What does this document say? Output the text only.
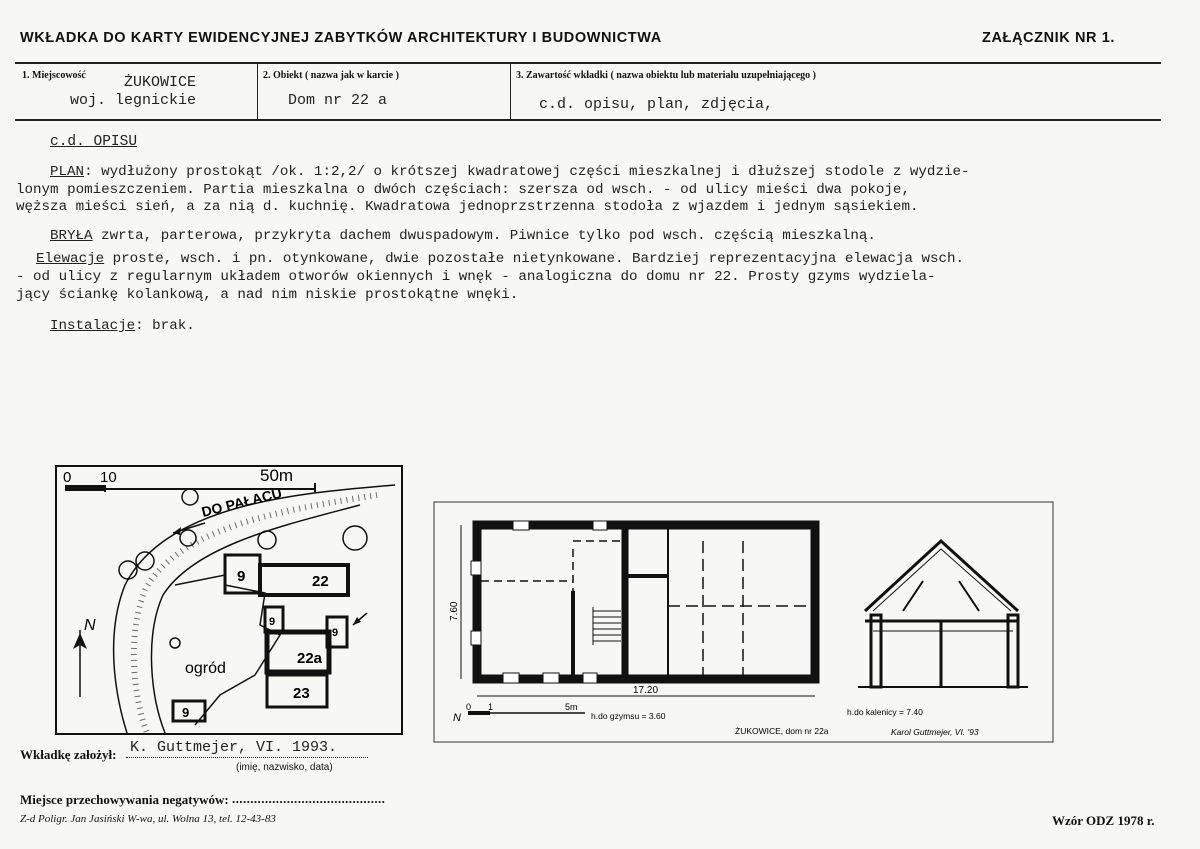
WKŁADKA DO KARTY EWIDENCYJNEJ ZABYTKÓW ARCHITEKTURY I BUDOWNICTWA	ZAŁĄCZNIK NR 1.
1. Miejscowość	ŻUKOWICE
woj. legnickie
2. Obiekt ( nazwa jak w karcie )
Dom nr 22 a
3. Zawartość wkładki ( nazwa obiektu lub materiału uzupełniającego )
c.d. opisu, plan, zdjęcia,
c.d. OPISU

PLAN: wydłużony prostokąt /ok. 1:2,2/ o krótszej kwadratowej części mieszkalnej i dłuższej stodole z wydzie-

lonym pomieszczeniem. Partia mieszkalna o dwóch częściach: szersza od wsch. - od ulicy mieści dwa pokoje,

węższa mieści sień, a za nią d. kuchnię. Kwadratowa jednoprzstrzenna stodoła z wjazdem i jednym sąsiekiem.

BRYŁA zwrta, parterowa, przykryta dachem dwuspadowym. Piwnice tylko pod wsch. częścią mieszkalną.

Elewacje proste, wsch. i pn. otynkowane, dwie pozostałe nietynkowane. Bardziej reprezentacyjna elewacja wsch.

- od ulicy z regularnym układem otworów okiennych i wnęk - analogiczna do domu nr 22. Prosty gzyms wydziela-

jący ściankę kolankową, a nad nim niskie prostokątne wnęki.

Instalacje: brak.

0 10	50m
DO PAŁACU
ogród
9	22
9
9
22a
23
9
N
17.20
7.60
0 1	5m
h.do gzymsu = 3.60	h.do kalenicy = 7.40
ŻUKOWICE, dom nr 22a	Karol Guttmejer, VI. '93
N
Wkładkę założył: K. Guttmejer, VI. 1993.
(imię, nazwisko, data)
Miejsce przechowywania negatywów: ..........................................
Z-d Poligr. Jan Jasiński W-wa, ul. Wolna 13, tel. 12-43-83	Wzór ODZ 1978 r.
